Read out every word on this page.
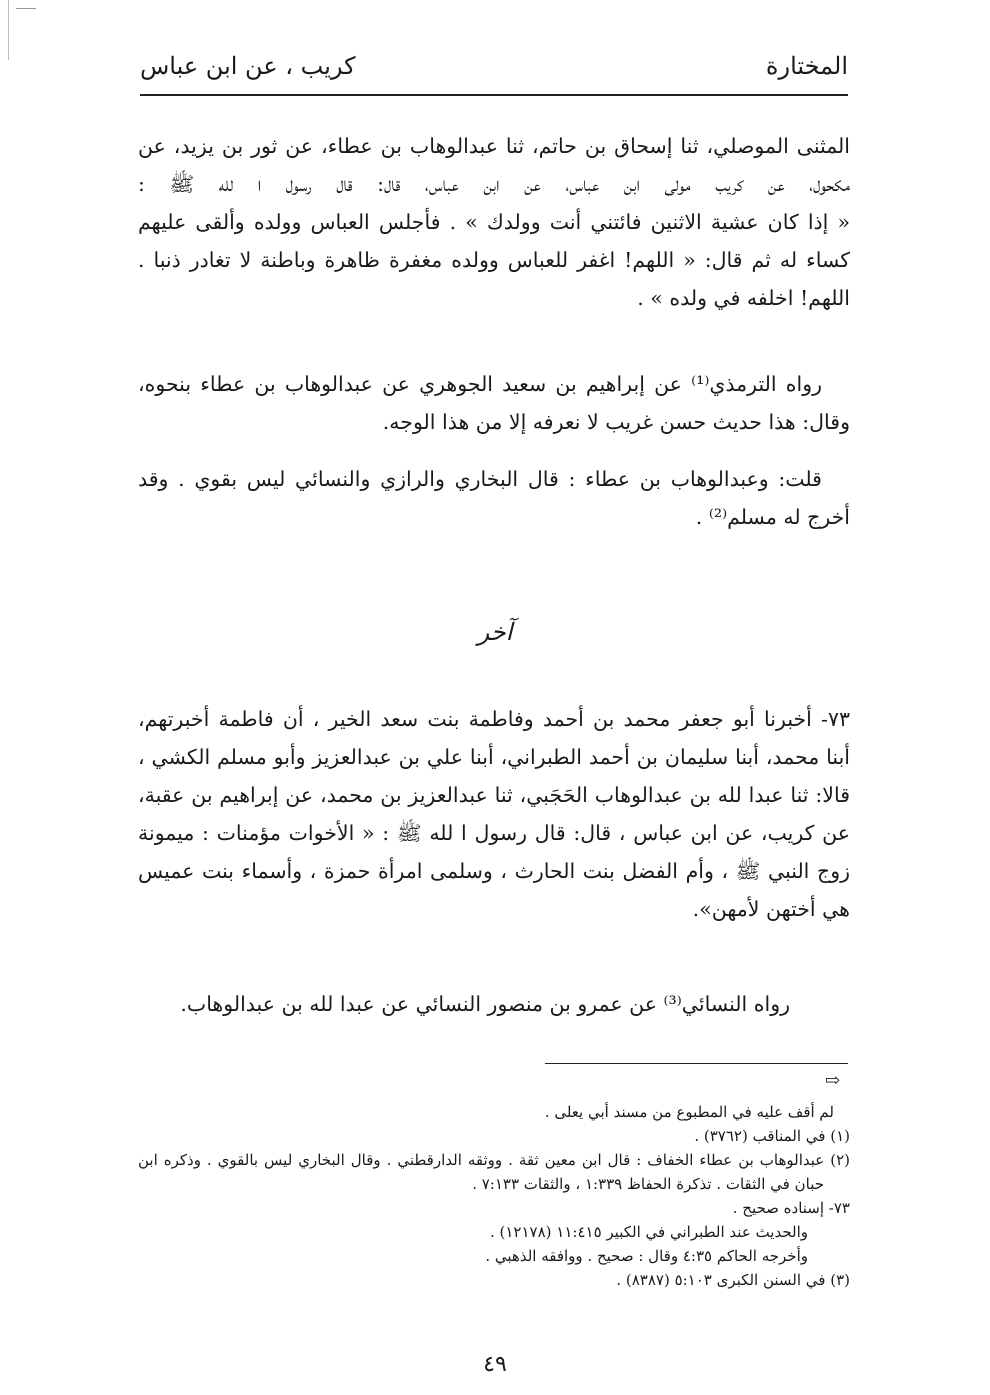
المختارة
كريب ، عن ابن عباس
المثنى الموصلي، ثنا إسحاق بن حاتم، ثنا عبدالوهاب بن عطاء، عن ثور بن يزيد، عن
مكحول، عن كريب مولى ابن عباس، عن ابن عباس، قال: قال رسول ا لله ﷺ :
« إذا كان عشية الاثنين فائتني أنت وولدك » . فأجلس العباس وولده وألقى عليهم
كساء له ثم قال: « اللهم! اغفر للعباس وولده مغفرة ظاهرة وباطنة لا تغادر ذنبا .
اللهم! اخلفه في ولده » .
رواه الترمذي⁽¹⁾ عن إبراهيم بن سعيد الجوهري عن عبدالوهاب بن عطاء بنحوه،
وقال: هذا حديث حسن غريب لا نعرفه إلا من هذا الوجه.
قلت: وعبدالوهاب بن عطاء : قال البخاري والرازي والنسائي ليس بقوي . وقد
أخرج له مسلم⁽²⁾ .
آخر
٧٣- أخبرنا أبو جعفر محمد بن أحمد وفاطمة بنت سعد الخير ، أن فاطمة أخبرتهم،
أبنا محمد، أبنا سليمان بن أحمد الطبراني، أبنا علي بن عبدالعزيز وأبو مسلم الكشي ،
قالا: ثنا عبدا لله بن عبدالوهاب الحَجَبي، ثنا عبدالعزيز بن محمد، عن إبراهيم بن عقبة،
عن كريب، عن ابن عباس ، قال: قال رسول ا لله ﷺ : « الأخوات مؤمنات : ميمونة
زوج النبي ﷺ ، وأم الفضل بنت الحارث ، وسلمى امرأة حمزة ، وأسماء بنت عميس
هي أختهن لأمهن».
رواه النسائي⁽³⁾ عن عمرو بن منصور النسائي عن عبدا لله بن عبدالوهاب.
⇨
لم أقف عليه في المطبوع من مسند أبي يعلى .
(١) في المناقب (٣٧٦٢) .
(٢) عبدالوهاب بن عطاء الخفاف : قال ابن معين ثقة . ووثقه الدارقطني . وقال البخاري ليس بالقوي . وذكره ابن
حبان في الثقات . تذكرة الحفاظ ١:٣٣٩ ، والثقات ٧:١٣٣ .
٧٣- إسناده صحيح .
والحديث عند الطبراني في الكبير ١١:٤١٥ (١٢١٧٨) .
وأخرجه الحاكم ٤:٣٥ وقال : صحيح . ووافقه الذهبي .
(٣) في السنن الكبرى ٥:١٠٣ (٨٣٨٧) .
٤٩
